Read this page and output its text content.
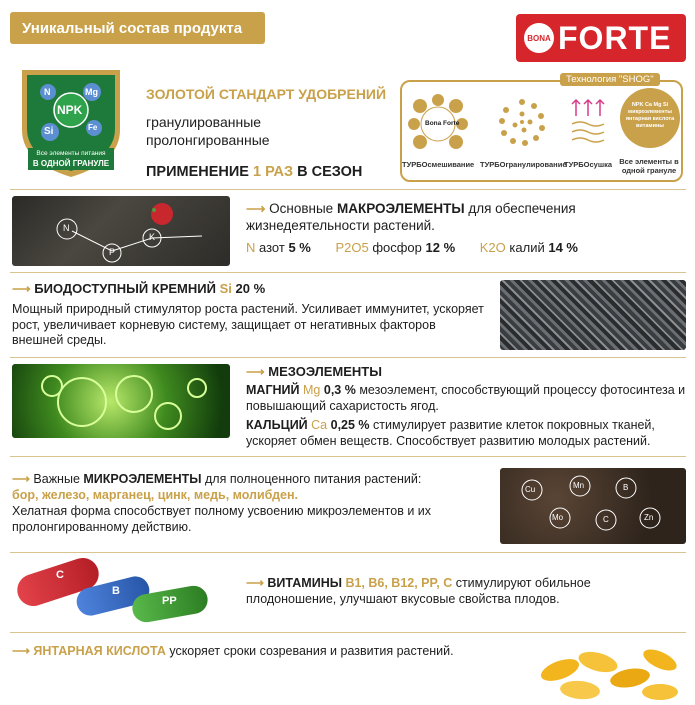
Уникальный состав продукта
BONA FORTE
NPK
Mg
N
Si	Fe
Все элементы питания
В ОДНОЙ ГРАНУЛЕ
ЗОЛОТОЙ СТАНДАРТ УДОБРЕНИЙ
гранулированные
пролонгированные
ПРИМЕНЕНИЕ 1 РАЗ В СЕЗОН
Технология "SHOG"
Bona Forte
NPK Ca Mg Si микроэлементы янтарная кислота витамины
ТУРБОсмешивание ТУРБОгранулирование
ТУРБОсушка Все элементы в одной грануле
N
P
K
⟶ Основные МАКРОЭЛЕМЕНТЫ для обеспечения жизнедеятельности растений.
N азот 5 % P2O5 фосфор 12 % K2O калий 14 %
⟶ БИОДОСТУПНЫЙ КРЕМНИЙ Si 20 %
Мощный природный стимулятор роста растений. Усиливает иммунитет, ускоряет рост, увеличивает корневую систему, защищает от негативных факторов внешней среды.
⟶ МЕЗОЭЛЕМЕНТЫ
МАГНИЙ Mg 0,3 % мезоэлемент, способствующий процессу фотосинтеза и повышающий сахаристость ягод.
КАЛЬЦИЙ Ca 0,25 % стимулирует развитие клеток покровных тканей, ускоряет обмен веществ. Способствует развитию молодых растений.
⟶ Важные МИКРОЭЛЕМЕНТЫ для полноценного питания растений:
бор, железо, марганец, цинк, медь, молибден.
Хелатная форма способствует полному усвоению микроэлементов и их пролонгированному действию.
Cu	Mn	B
Mo	C	Zn
C
B
PP
⟶ ВИТАМИНЫ B1, B6, B12, PP, C стимулируют обильное
плодоношение, улучшают вкусовые свойства плодов.
⟶ ЯНТАРНАЯ КИСЛОТА ускоряет сроки созревания и развития растений.
